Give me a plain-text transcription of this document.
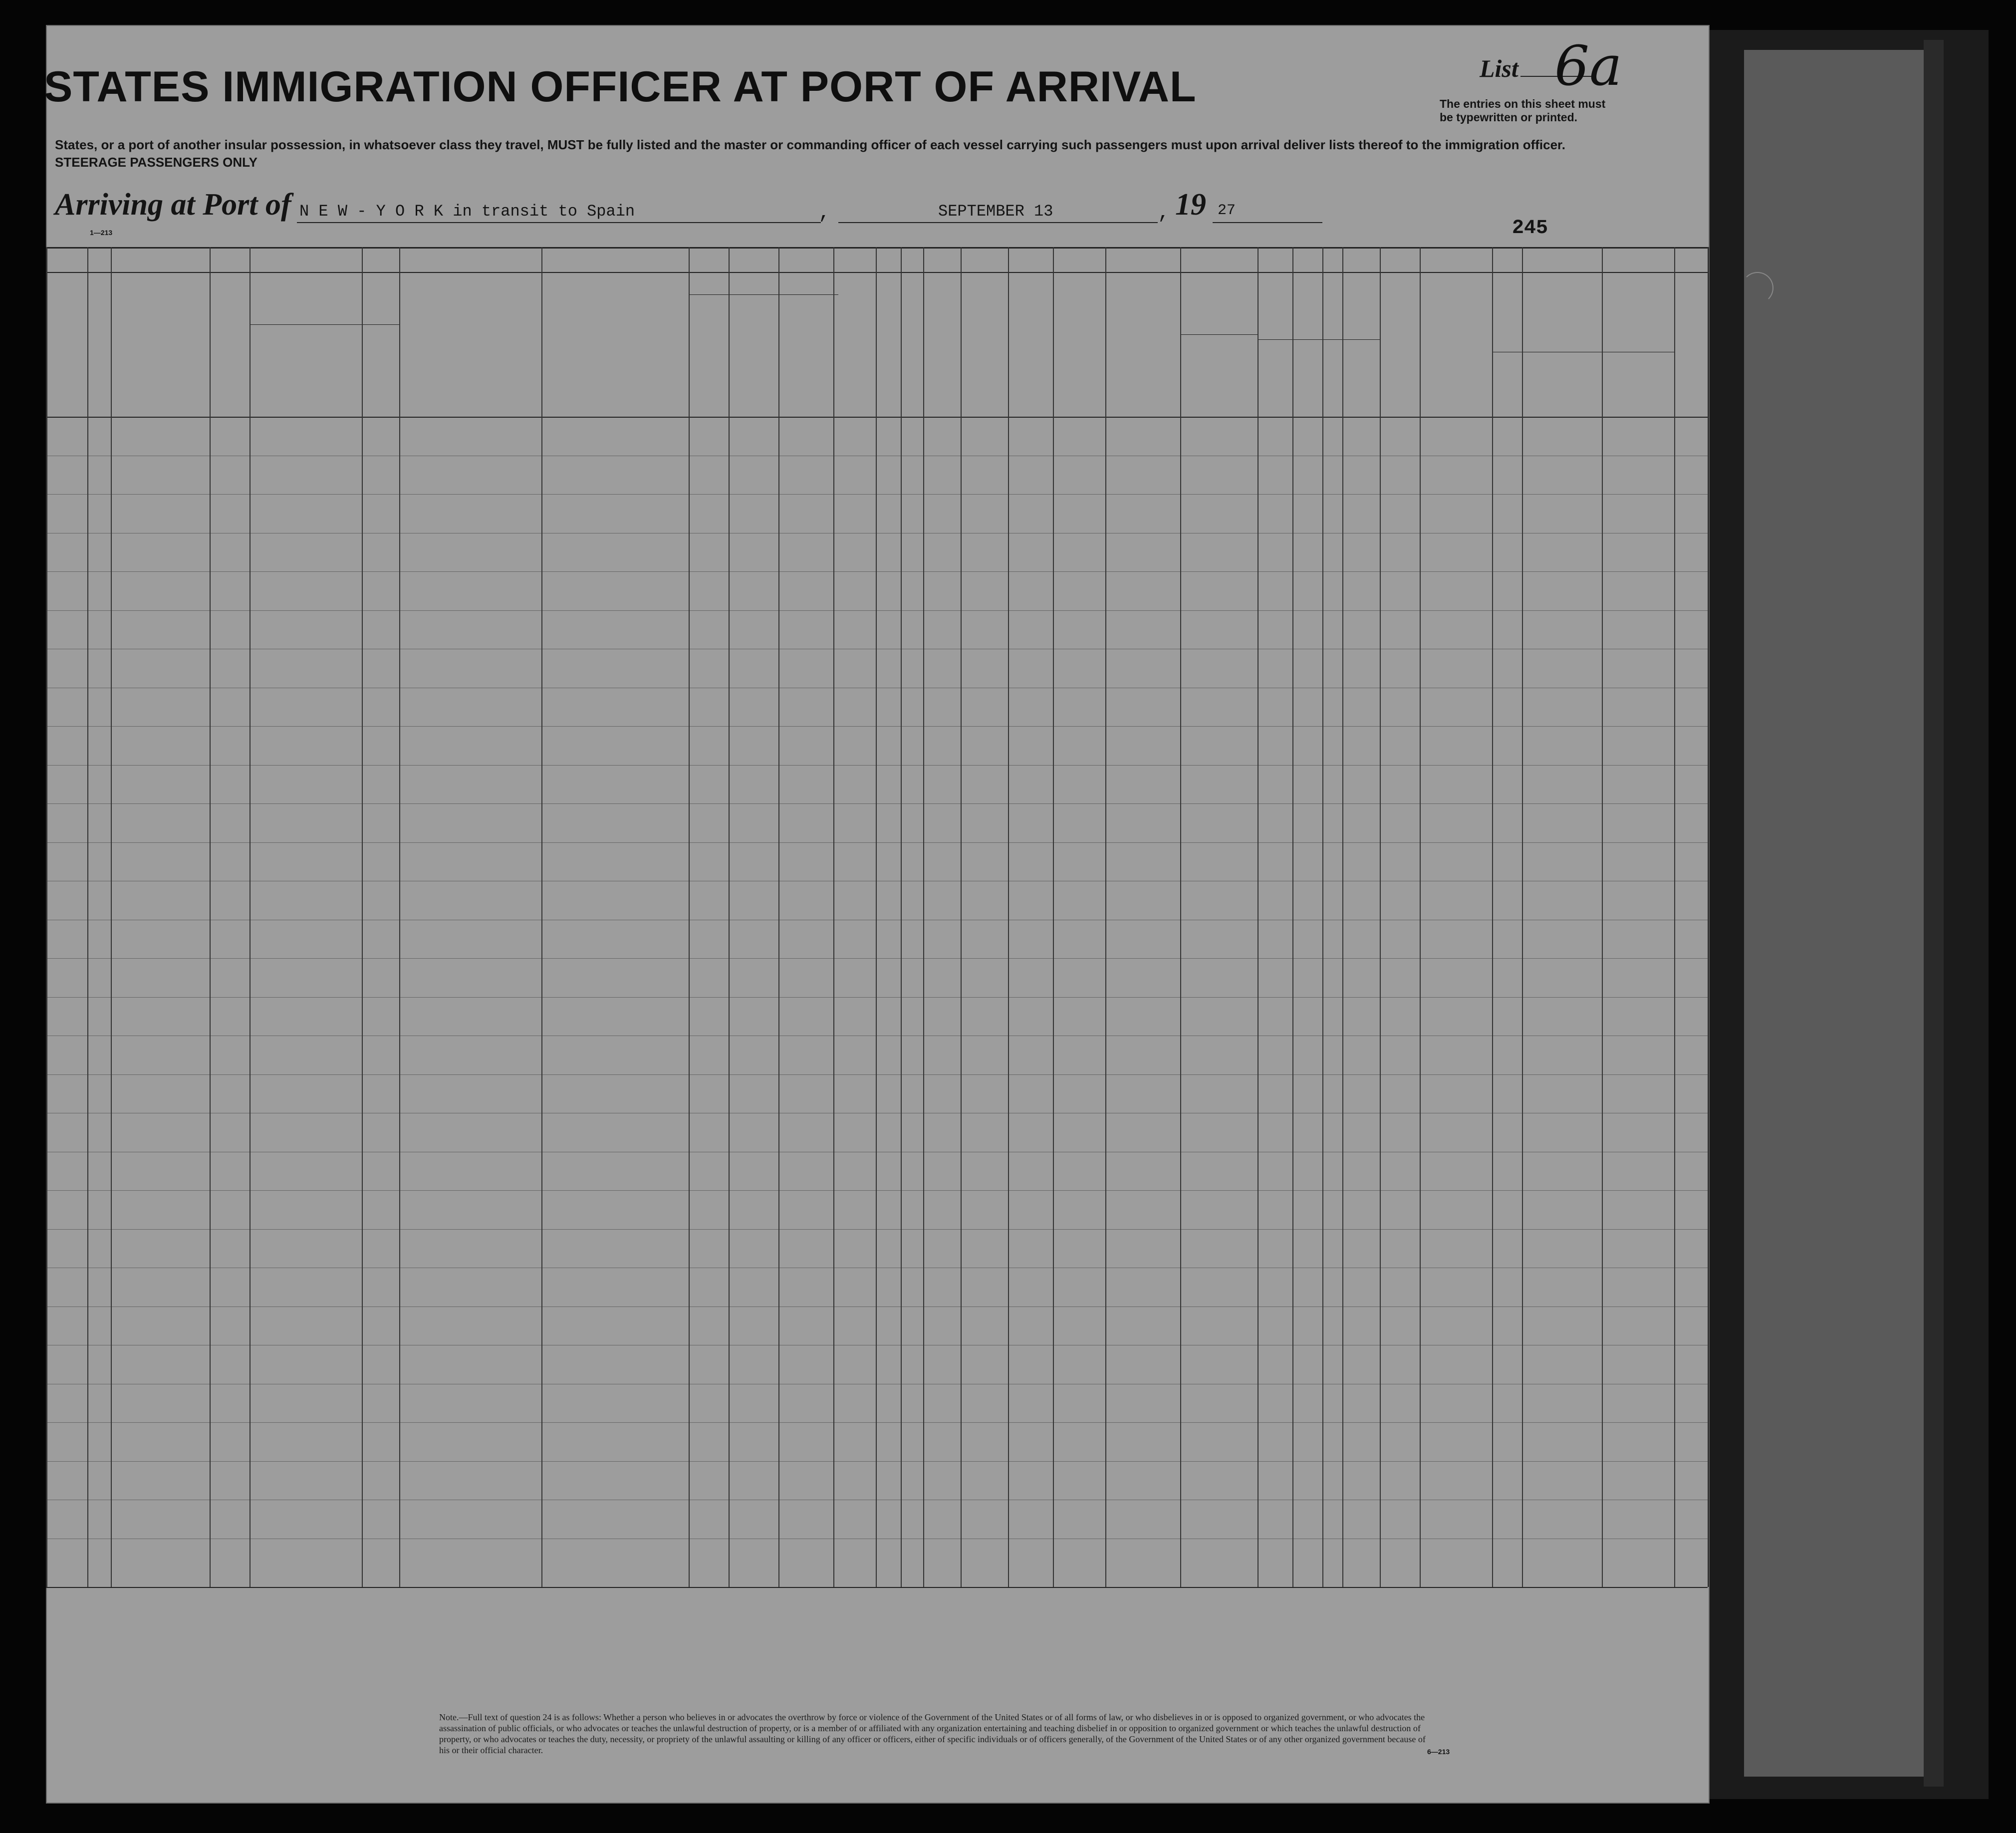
List 6a
The entries on this sheet must be typewritten or printed.
STATES IMMIGRATION OFFICER AT PORT OF ARRIVAL
States, or a port of another insular possession, in whatsoever class they travel, MUST be fully listed and the master or commanding officer of each vessel carrying such passengers must upon arrival deliver lists thereof to the immigration officer.
STEERAGE PASSENGERS ONLY
Arriving at Port of N E W - Y O R K in transit to Spain	,	SEPTEMBER 13	, 19 27
245
1—213
Note.—Full text of question 24 is as follows: Whether a person who believes in or advocates the overthrow by force or violence of the Government of the United States or of all forms of law, or who disbelieves in or is opposed to organized government, or who advocates the assassination of public officials, or who advocates or teaches the unlawful destruction of property, or is a member of or affiliated with any organization entertaining and teaching disbelief in or opposition to organized government or which teaches the unlawful destruction of property, or who advocates or teaches the duty, necessity, or propriety of the unlawful assaulting or killing of any officer or officers, either of specific individuals or of officers generally, of the Government of the United States or of any other organized government because of his or their official character.	6—213
